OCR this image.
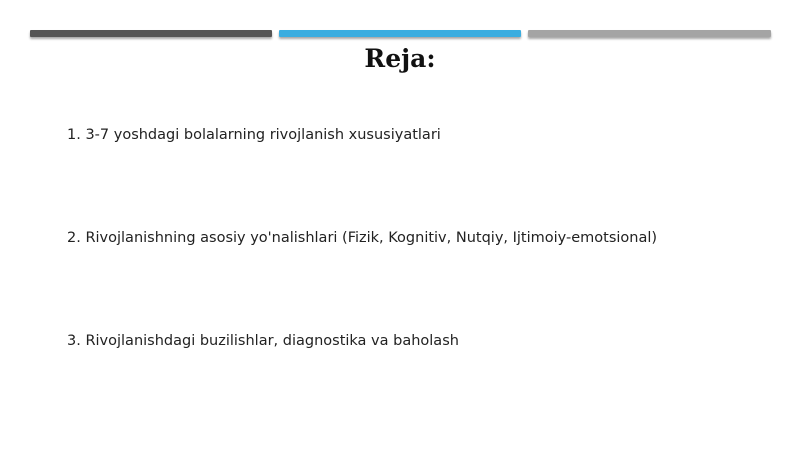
Reja:
1. 3-7 yoshdagi bolalarning rivojlanish xususiyatlari
2. Rivojlanishning asosiy yo'nalishlari (Fizik, Kognitiv, Nutqiy, Ijtimoiy-emotsional)
3. Rivojlanishdagi buzilishlar, diagnostika va baholash
